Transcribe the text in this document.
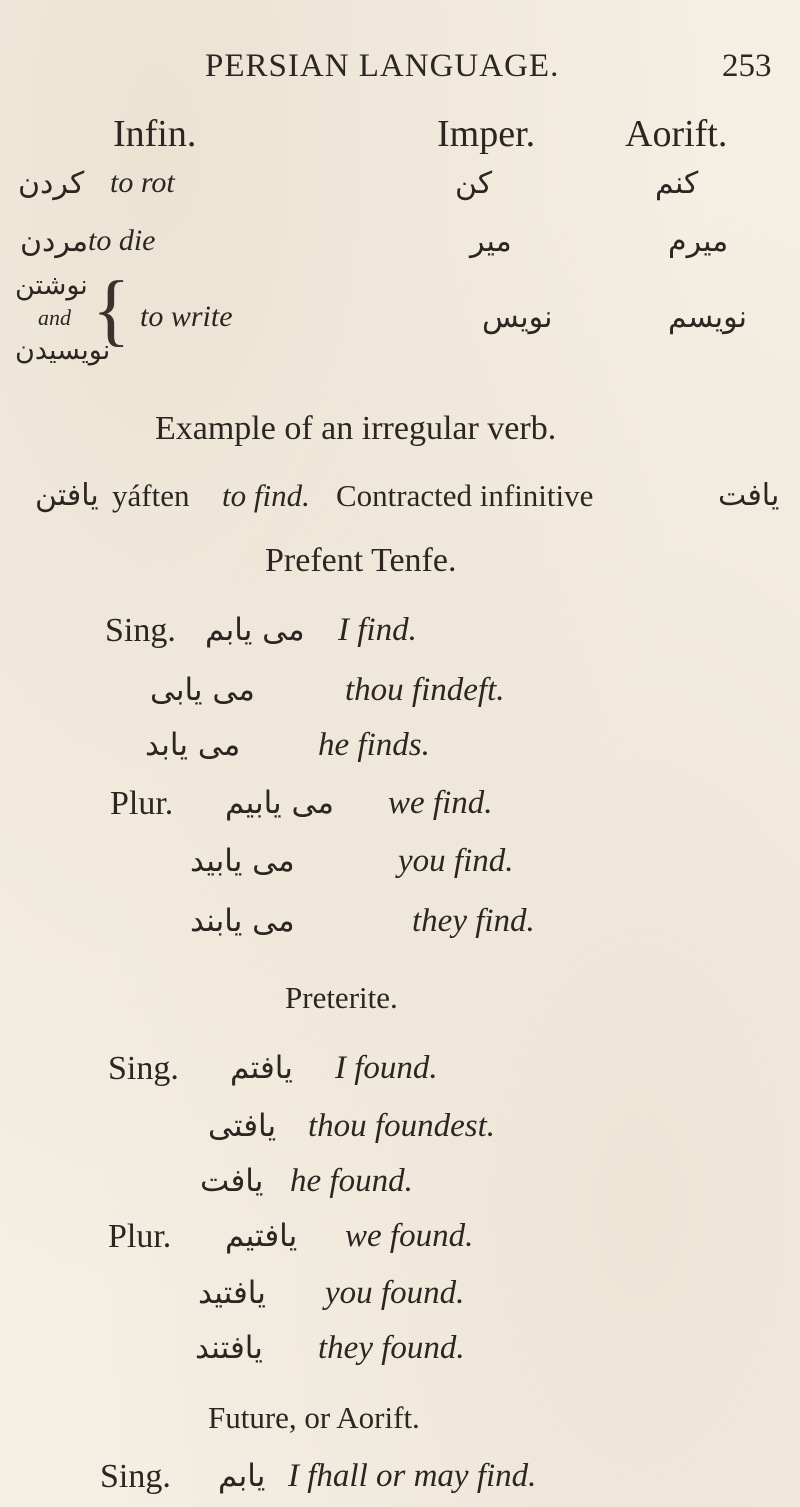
PERSIAN LANGUAGE.	253
Infin.	Imper. Aorift.
کردن to rot	کن	کنم
مردن to die	میر	میرم
نوشتن
and
نویسیدن
{ to write	نویس	نویسم
Example of an irregular verb.
یافتن yáften to find. Contracted infinitive	یافت
Prefent Tenfe.
Sing. می یابم I find.
می یابی	thou findeft.
می یابد he finds.
Plur. می یابیم we find.
می یابید	you find.
می یابند	they find.
Preterite.
Sing. یافتم I found.
یافتی thou foundest.
یافت he found.
Plur. یافتیم we found.
یافتید you found.
یافتند they found.
Future, or Aorift.
Sing. یابم I fhall or may find.
